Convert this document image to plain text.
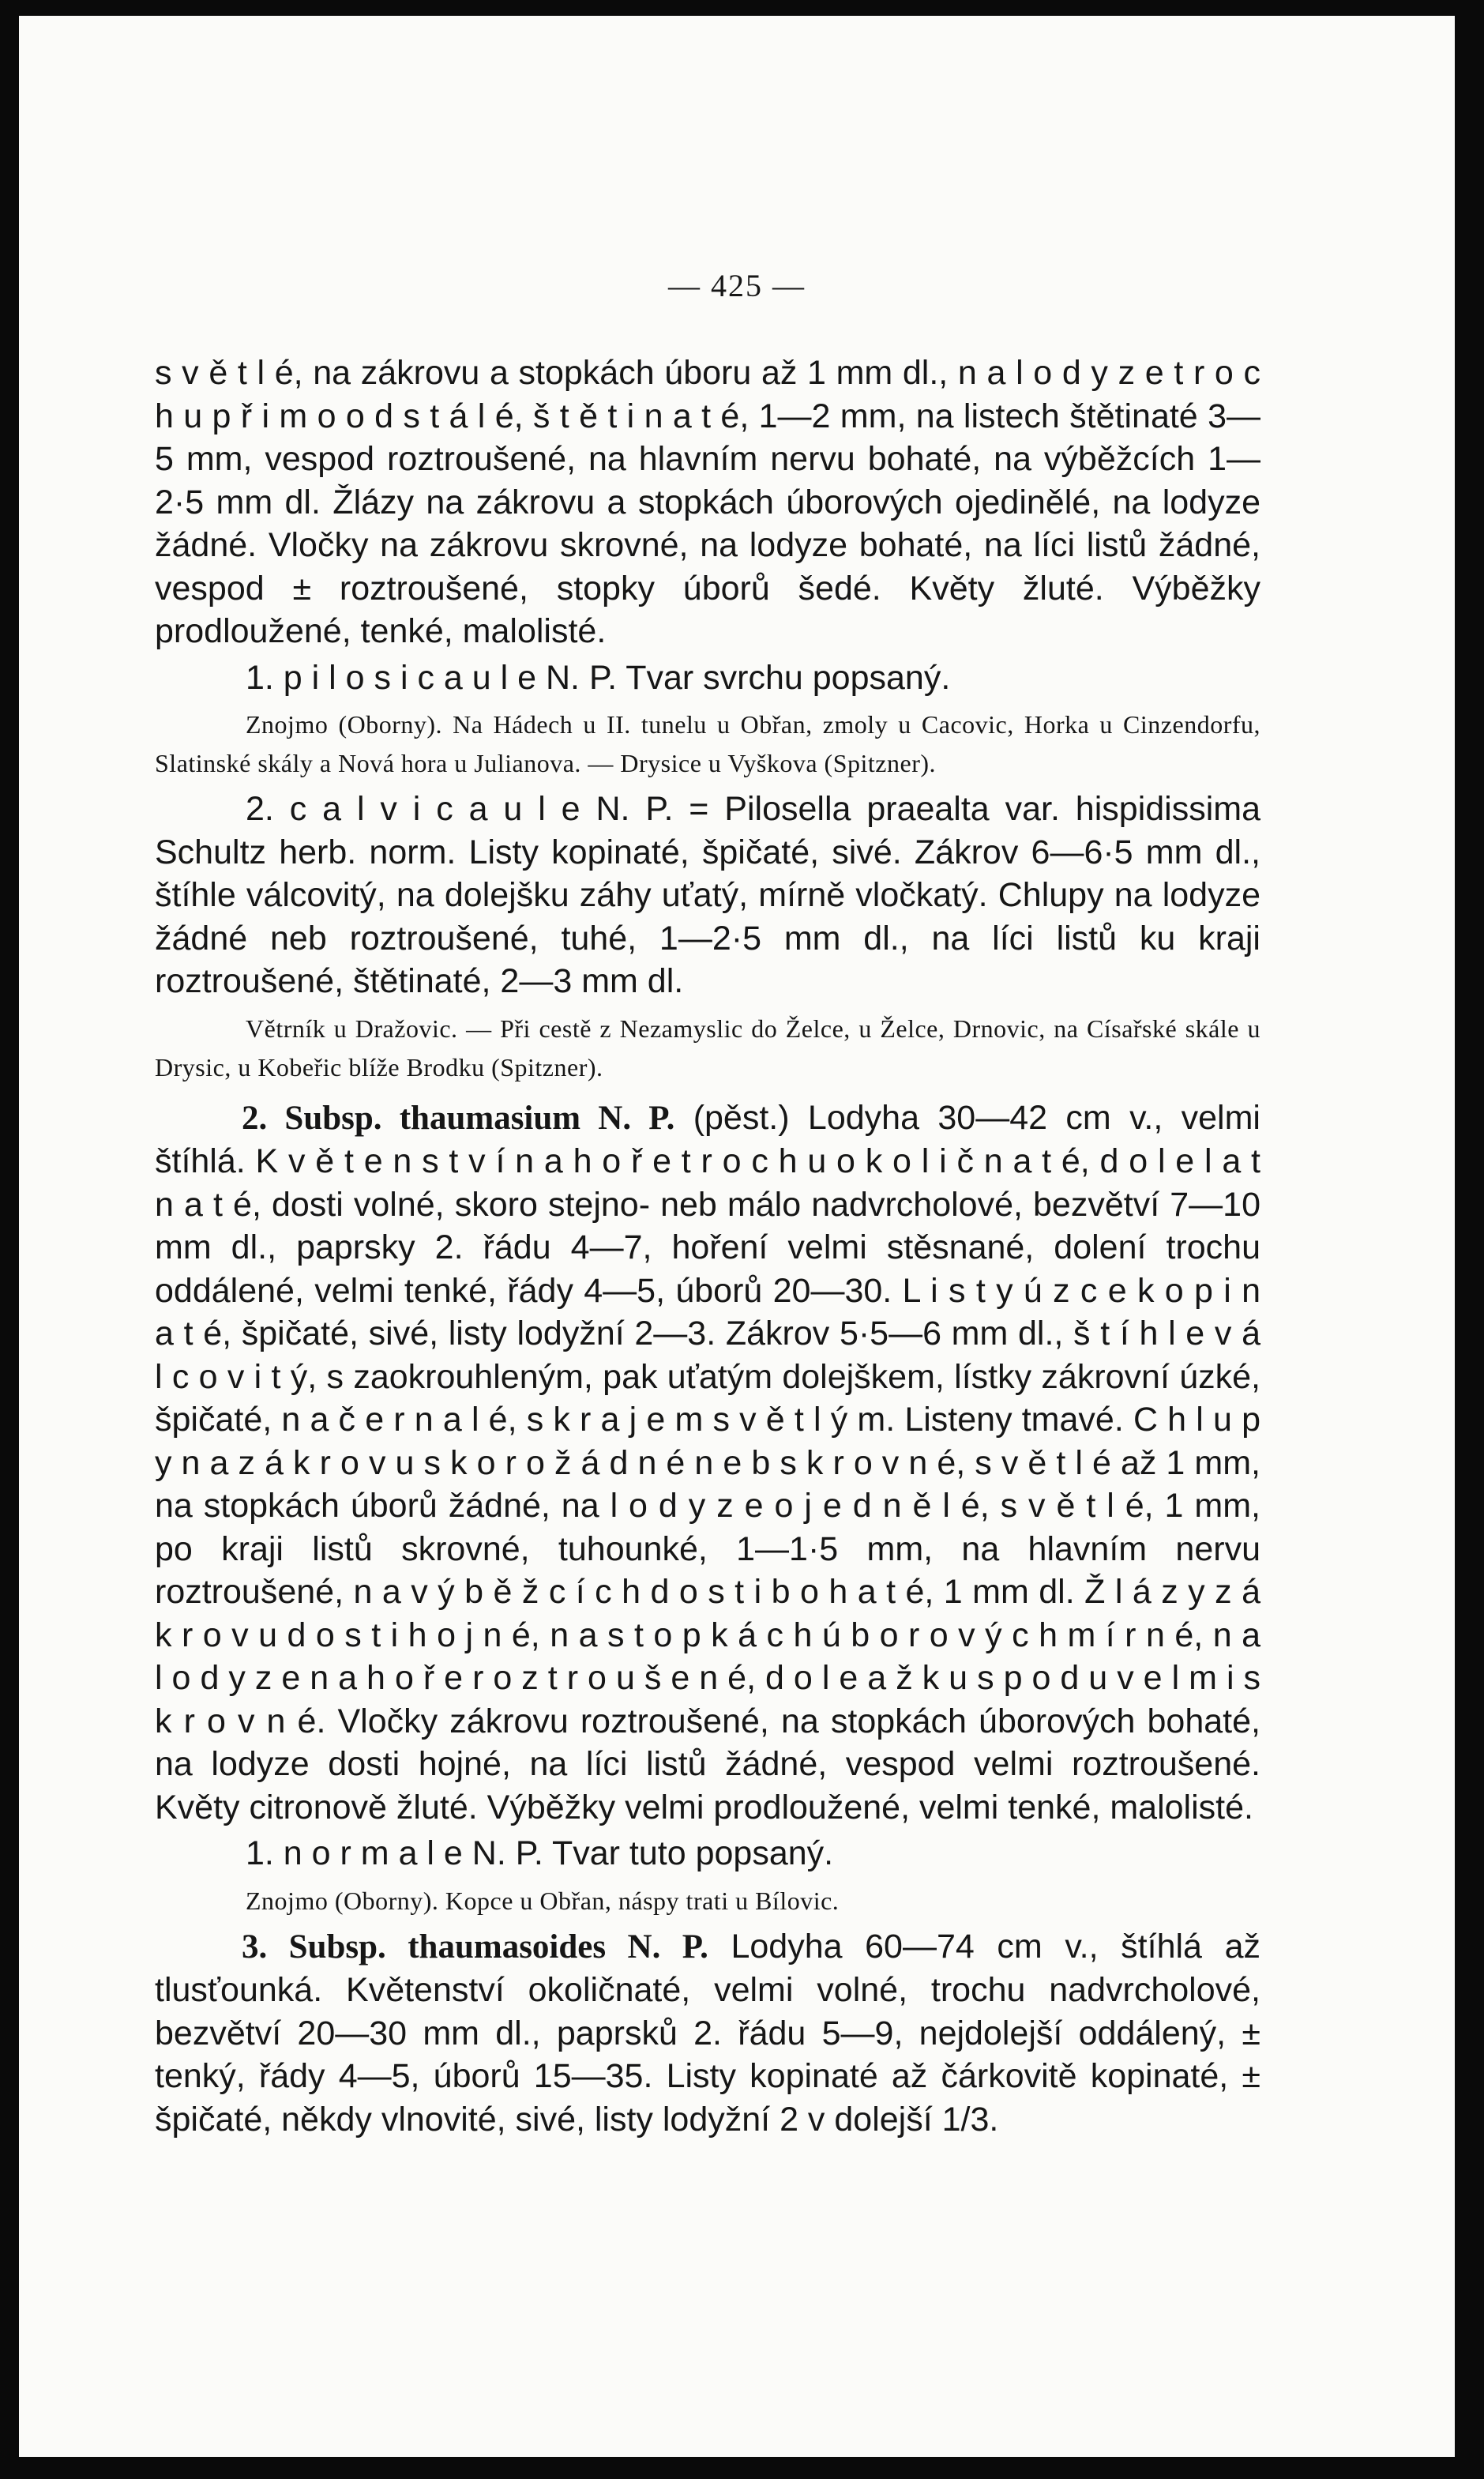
— 425 —

s v ě t l é, na zákrovu a stopkách úboru až 1 mm dl., n a l o d y z e t r o c h u p ř i m o o d s t á l é, š t ě t i n a t é, 1—2 mm, na listech štětinaté 3—5 mm, vespod roztroušené, na hlavním nervu bohaté, na výběžcích 1—2·5 mm dl. Žlázy na zákrovu a stopkách úborových ojedinělé, na lodyze žádné. Vločky na zákrovu skrovné, na lodyze bohaté, na líci listů žádné, vespod ± roztroušené, stopky úborů šedé. Květy žluté. Výběžky prodloužené, tenké, malolisté.

1. p i l o s i c a u l e N. P. Tvar svrchu popsaný.

Znojmo (Oborny). Na Hádech u II. tunelu u Obřan, zmoly u Cacovic, Horka u Cinzendorfu, Slatinské skály a Nová hora u Julianova. — Drysice u Vyškova (Spitzner).

2. c a l v i c a u l e N. P. = Pilosella praealta var. hispidissima Schultz herb. norm. Listy kopinaté, špičaté, sivé. Zákrov 6—6·5 mm dl., štíhle válcovitý, na dolejšku záhy uťatý, mírně vločkatý. Chlupy na lodyze žádné neb roztroušené, tuhé, 1—2·5 mm dl., na líci listů ku kraji roztroušené, štětinaté, 2—3 mm dl.

Větrník u Dražovic. — Při cestě z Nezamyslic do Želce, u Želce, Drnovic, na Císařské skále u Drysic, u Kobeřic blíže Brodku (Spitzner).

2. Subsp. thaumasium N. P. (pěst.) Lodyha 30—42 cm v., velmi štíhlá. K v ě t e n s t v í n a h o ř e t r o c h u o k o l i č n a t é, d o l e l a t n a t é, dosti volné, skoro stejno- neb málo nadvrcholové, bezvětví 7—10 mm dl., paprsky 2. řádu 4—7, hoření velmi stěsnané, dolení trochu oddálené, velmi tenké, řády 4—5, úborů 20—30. L i s t y ú z c e k o p i n a t é, špičaté, sivé, listy lodyžní 2—3. Zákrov 5·5—6 mm dl., š t í h l e v á l c o v i t ý, s zaokrouhleným, pak uťatým dolejškem, lístky zákrovní úzké, špičaté, n a č e r n a l é, s k r a j e m s v ě t l ý m. Listeny tmavé. C h l u p y n a z á k r o v u s k o r o ž á d n é n e b s k r o v n é, s v ě t l é až 1 mm, na stopkách úborů žádné, na l o d y z e o j e d n ě l é, s v ě t l é, 1 mm, po kraji listů skrovné, tuhounké, 1—1·5 mm, na hlavním nervu roztroušené, n a v ý b ě ž c í c h d o s t i b o h a t é, 1 mm dl. Ž l á z y z á k r o v u d o s t i h o j n é, n a s t o p k á c h ú b o r o v ý c h m í r n é, n a l o d y z e n a h o ř e r o z t r o u š e n é, d o l e a ž k u s p o d u v e l m i s k r o v n é. Vločky zákrovu roztroušené, na stopkách úborových bohaté, na lodyze dosti hojné, na líci listů žádné, vespod velmi roztroušené. Květy citronově žluté. Výběžky velmi prodloužené, velmi tenké, malolisté.

1. n o r m a l e N. P. Tvar tuto popsaný.

Znojmo (Oborny). Kopce u Obřan, náspy trati u Bílovic.

3. Subsp. thaumasoides N. P. Lodyha 60—74 cm v., štíhlá až tlusťounká. Květenství okoličnaté, velmi volné, trochu nadvrcholové, bezvětví 20—30 mm dl., paprsků 2. řádu 5—9, nejdolejší oddálený, ± tenký, řády 4—5, úborů 15—35. Listy kopinaté až čárkovitě kopinaté, ± špičaté, někdy vlnovité, sivé, listy lodyžní 2 v dolejší 1/3.
